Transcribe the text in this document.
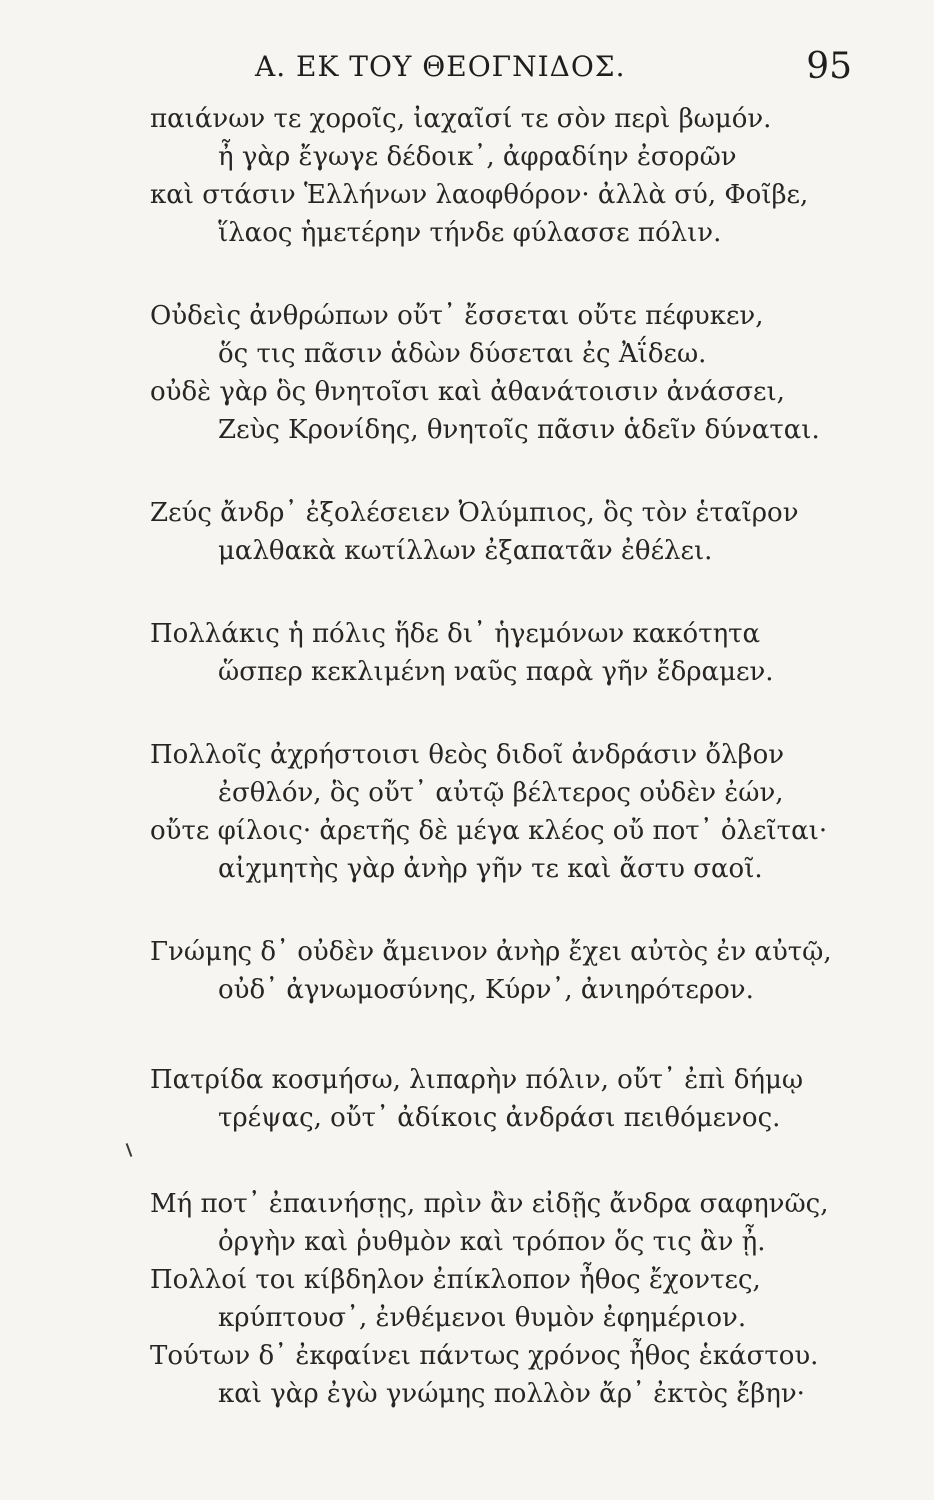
Α. ΕΚ ΤΟΥ ΘΕΟΓΝΙΔΟΣ.	95
παιάνων τε χοροῖς, ἰαχαῖσί τε σὸν περὶ βωμόν.
ἦ γὰρ ἔγωγε δέδοικ᾽, ἀφραδίην ἐσορῶν
καὶ στάσιν Ἑλλήνων λαοφθόρον· ἀλλὰ σύ, Φοῖβε,
ἵλαος ἡμετέρην τήνδε φύλασσε πόλιν.
Οὐδεὶς ἀνθρώπων οὔτ᾽ ἔσσεται οὔτε πέφυκεν,
ὅς τις πᾶσιν ἁδὼν δύσεται ἐς Ἀΐδεω.
οὐδὲ γὰρ ὃς θνητοῖσι καὶ ἀθανάτοισιν ἀνάσσει,
Ζεὺς Κρονίδης, θνητοῖς πᾶσιν ἁδεῖν δύναται.
Ζεύς ἄνδρ᾽ ἐξολέσειεν Ὀλύμπιος, ὃς τὸν ἑταῖρον
μαλθακὰ κωτίλλων ἐξαπατᾶν ἐθέλει.
Πολλάκις ἡ πόλις ἥδε δι᾽ ἡγεμόνων κακότητα
ὥσπερ κεκλιμένη ναῦς παρὰ γῆν ἔδραμεν.
Πολλοῖς ἀχρήστοισι θεὸς διδοῖ ἀνδράσιν ὄλβον
ἐσθλόν, ὃς οὔτ᾽ αὐτῷ βέλτερος οὐδὲν ἐών,
οὔτε φίλοις· ἀρετῆς δὲ μέγα κλέος οὔ ποτ᾽ ὀλεῖται·
αἰχμητὴς γὰρ ἀνὴρ γῆν τε καὶ ἄστυ σαοῖ.
Γνώμης δ᾽ οὐδὲν ἄμεινον ἀνὴρ ἔχει αὐτὸς ἐν αὐτῷ,
οὐδ᾽ ἀγνωμοσύνης, Κύρν᾽, ἀνιηρότερον.
Πατρίδα κοσμήσω, λιπαρὴν πόλιν, οὔτ᾽ ἐπὶ δήμῳ
τρέψας, οὔτ᾽ ἀδίκοις ἀνδράσι πειθόμενος.
Μή ποτ᾽ ἐπαινήσῃς, πρὶν ἂν εἰδῇς ἄνδρα σαφηνῶς,
ὀργὴν καὶ ῥυθμὸν καὶ τρόπον ὅς τις ἂν ᾖ.
Πολλοί τοι κίβδηλον ἐπίκλοπον ἦθος ἔχοντες,
κρύπτουσ᾽, ἐνθέμενοι θυμὸν ἐφημέριον.
Τούτων δ᾽ ἐκφαίνει πάντως χρόνος ἦθος ἑκάστου.
καὶ γὰρ ἐγὼ γνώμης πολλὸν ἄρ᾽ ἐκτὸς ἔβην·
